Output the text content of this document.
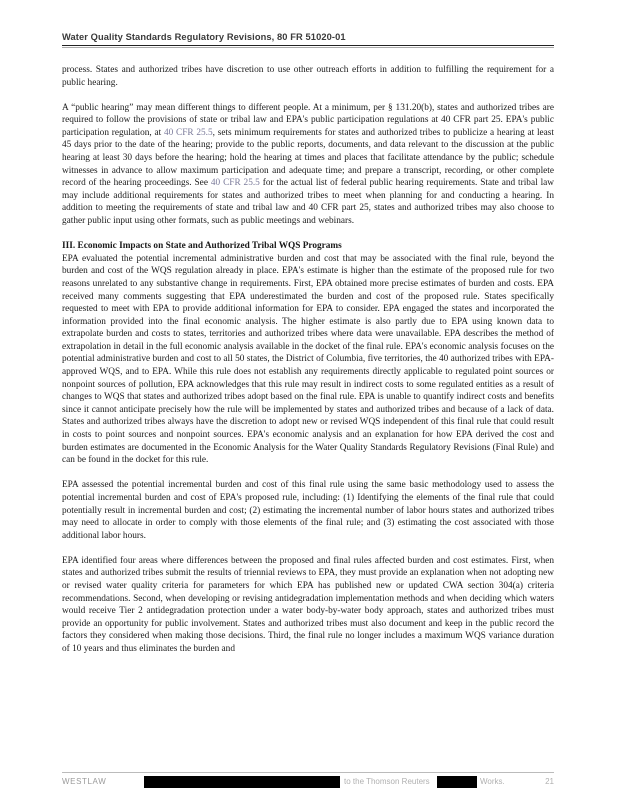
Water Quality Standards Regulatory Revisions, 80 FR 51020-01

process. States and authorized tribes have discretion to use other outreach efforts in addition to fulfilling the requirement for a public hearing.

A “public hearing” may mean different things to different people. At a minimum, per § 131.20(b), states and authorized tribes are required to follow the provisions of state or tribal law and EPA's public participation regulations at 40 CFR part 25. EPA's public participation regulation, at 40 CFR 25.5, sets minimum requirements for states and authorized tribes to publicize a hearing at least 45 days prior to the date of the hearing; provide to the public reports, documents, and data relevant to the discussion at the public hearing at least 30 days before the hearing; hold the hearing at times and places that facilitate attendance by the public; schedule witnesses in advance to allow maximum participation and adequate time; and prepare a transcript, recording, or other complete record of the hearing proceedings. See 40 CFR 25.5 for the actual list of federal public hearing requirements. State and tribal law may include additional requirements for states and authorized tribes to meet when planning for and conducting a hearing. In addition to meeting the requirements of state and tribal law and 40 CFR part 25, states and authorized tribes may also choose to gather public input using other formats, such as public meetings and webinars.

III. Economic Impacts on State and Authorized Tribal WQS Programs

EPA evaluated the potential incremental administrative burden and cost that may be associated with the final rule, beyond the burden and cost of the WQS regulation already in place. EPA's estimate is higher than the estimate of the proposed rule for two reasons unrelated to any substantive change in requirements. First, EPA obtained more precise estimates of burden and costs. EPA received many comments suggesting that EPA underestimated the burden and cost of the proposed rule. States specifically requested to meet with EPA to provide additional information for EPA to consider. EPA engaged the states and incorporated the information provided into the final economic analysis. The higher estimate is also partly due to EPA using known data to extrapolate burden and costs to states, territories and authorized tribes where data were unavailable. EPA describes the method of extrapolation in detail in the full economic analysis available in the docket of the final rule. EPA's economic analysis focuses on the potential administrative burden and cost to all 50 states, the District of Columbia, five territories, the 40 authorized tribes with EPA-approved WQS, and to EPA. While this rule does not establish any requirements directly applicable to regulated point sources or nonpoint sources of pollution, EPA acknowledges that this rule may result in indirect costs to some regulated entities as a result of changes to WQS that states and authorized tribes adopt based on the final rule. EPA is unable to quantify indirect costs and benefits since it cannot anticipate precisely how the rule will be implemented by states and authorized tribes and because of a lack of data. States and authorized tribes always have the discretion to adopt new or revised WQS independent of this final rule that could result in costs to point sources and nonpoint sources. EPA's economic analysis and an explanation for how EPA derived the cost and burden estimates are documented in the Economic Analysis for the Water Quality Standards Regulatory Revisions (Final Rule) and can be found in the docket for this rule.

EPA assessed the potential incremental burden and cost of this final rule using the same basic methodology used to assess the potential incremental burden and cost of EPA's proposed rule, including: (1) Identifying the elements of the final rule that could potentially result in incremental burden and cost; (2) estimating the incremental number of labor hours states and authorized tribes may need to allocate in order to comply with those elements of the final rule; and (3) estimating the cost associated with those additional labor hours.

EPA identified four areas where differences between the proposed and final rules affected burden and cost estimates. First, when states and authorized tribes submit the results of triennial reviews to EPA, they must provide an explanation when not adopting new or revised water quality criteria for parameters for which EPA has published new or updated CWA section 304(a) criteria recommendations. Second, when developing or revising antidegradation implementation methods and when deciding which waters would receive Tier 2 antidegradation protection under a water body-by-water body approach, states and authorized tribes must provide an opportunity for public involvement. States and authorized tribes must also document and keep in the public record the factors they considered when making those decisions. Third, the final rule no longer includes a maximum WQS variance duration of 10 years and thus eliminates the burden and

WESTLAW	to the Thomson Reuters	Works.	21
